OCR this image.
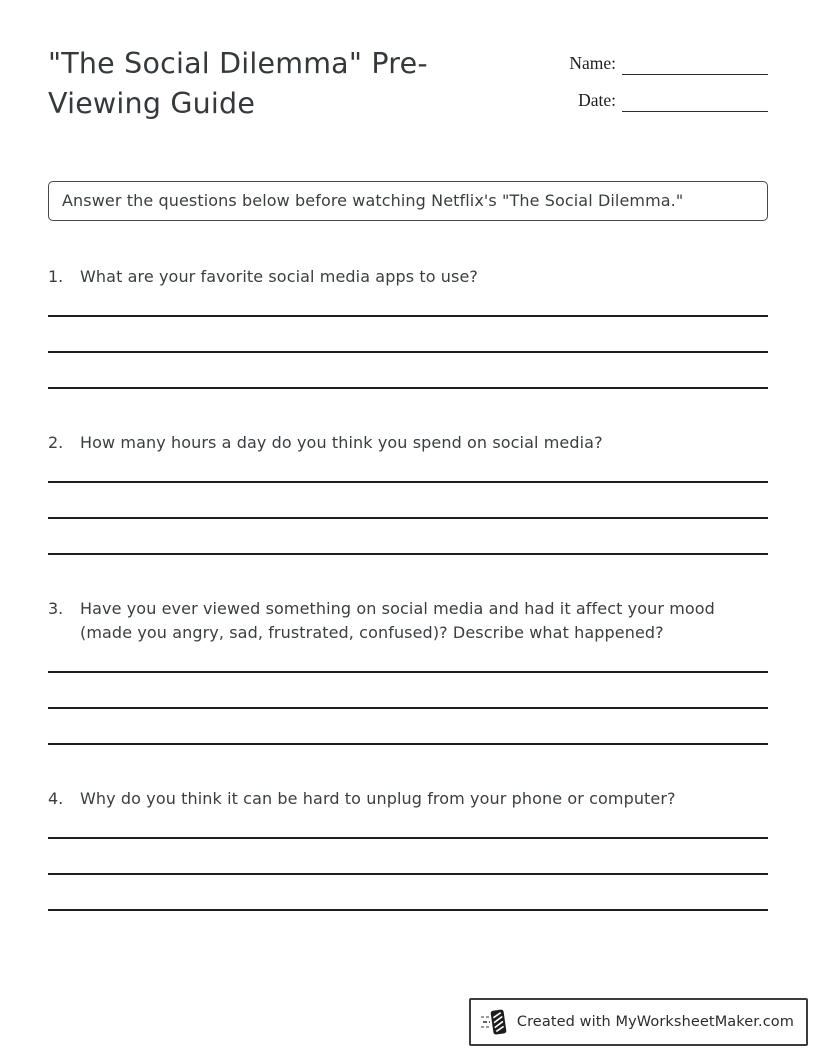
"The Social Dilemma" Pre-Viewing Guide
Name:
Date:
Answer the questions below before watching Netflix's "The Social Dilemma."
1.	What are your favorite social media apps to use?
2.	How many hours a day do you think you spend on social media?
3.	Have you ever viewed something on social media and had it affect your mood (made you angry, sad, frustrated, confused)? Describe what happened?
4.	Why do you think it can be hard to unplug from your phone or computer?
Created with MyWorksheetMaker.com
